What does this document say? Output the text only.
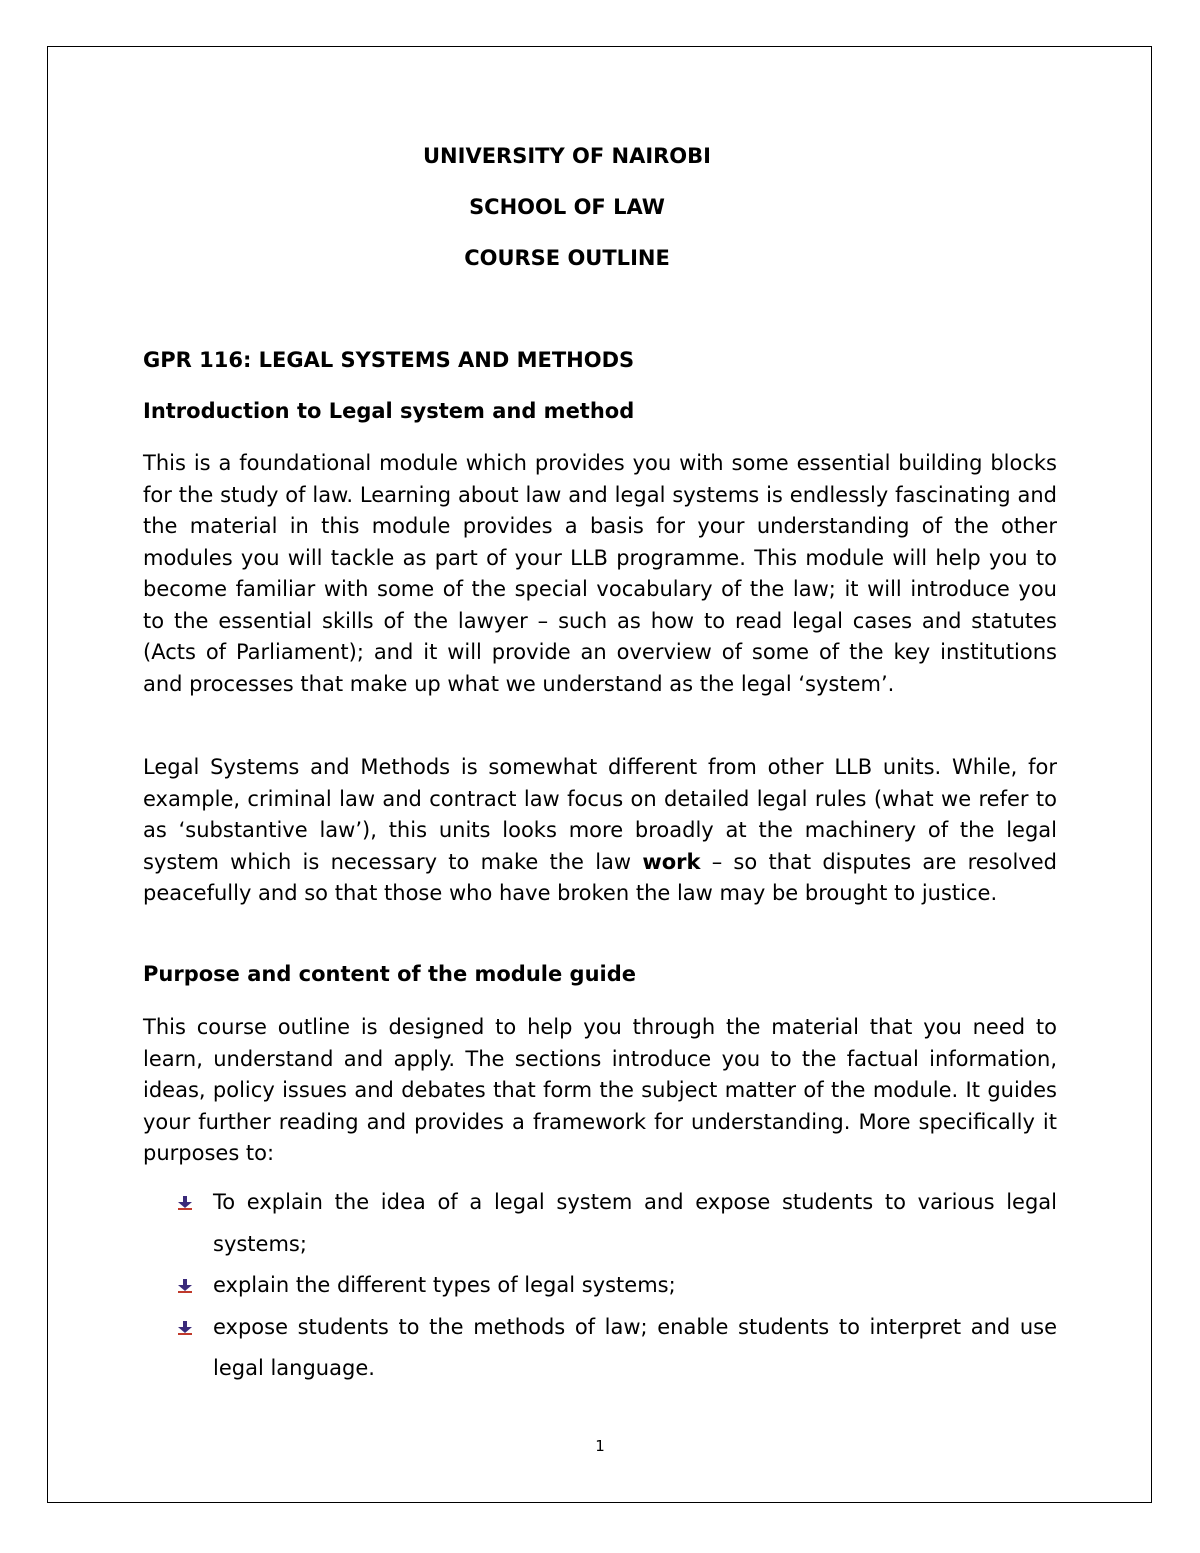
UNIVERSITY OF NAIROBI
SCHOOL OF LAW
COURSE OUTLINE
GPR 116: LEGAL SYSTEMS AND METHODS
Introduction to Legal system and method

This is a foundational module which provides you with some essential building blocks for the study of law. Learning about law and legal systems is endlessly fascinating and the material in this module provides a basis for your understanding of the other modules you will tackle as part of your LLB programme. This module will help you to become familiar with some of the special vocabulary of the law; it will introduce you to the essential skills of the lawyer – such as how to read legal cases and statutes (Acts of Parliament); and it will provide an overview of some of the key institutions and processes that make up what we understand as the legal ‘system’.

Legal Systems and Methods is somewhat different from other LLB units. While, for example, criminal law and contract law focus on detailed legal rules (what we refer to as ‘substantive law’), this units looks more broadly at the machinery of the legal system which is necessary to make the law work – so that disputes are resolved peacefully and so that those who have broken the law may be brought to justice.

Purpose and content of the module guide

This course outline is designed to help you through the material that you need to learn, understand and apply. The sections introduce you to the factual information, ideas, policy issues and debates that form the subject matter of the module. It guides your further reading and provides a framework for understanding. More specifically it purposes to:

To explain the idea of a legal system and expose students to various legal systems;
explain the different types of legal systems;
expose students to the methods of law; enable students to interpret and use legal language.
1
